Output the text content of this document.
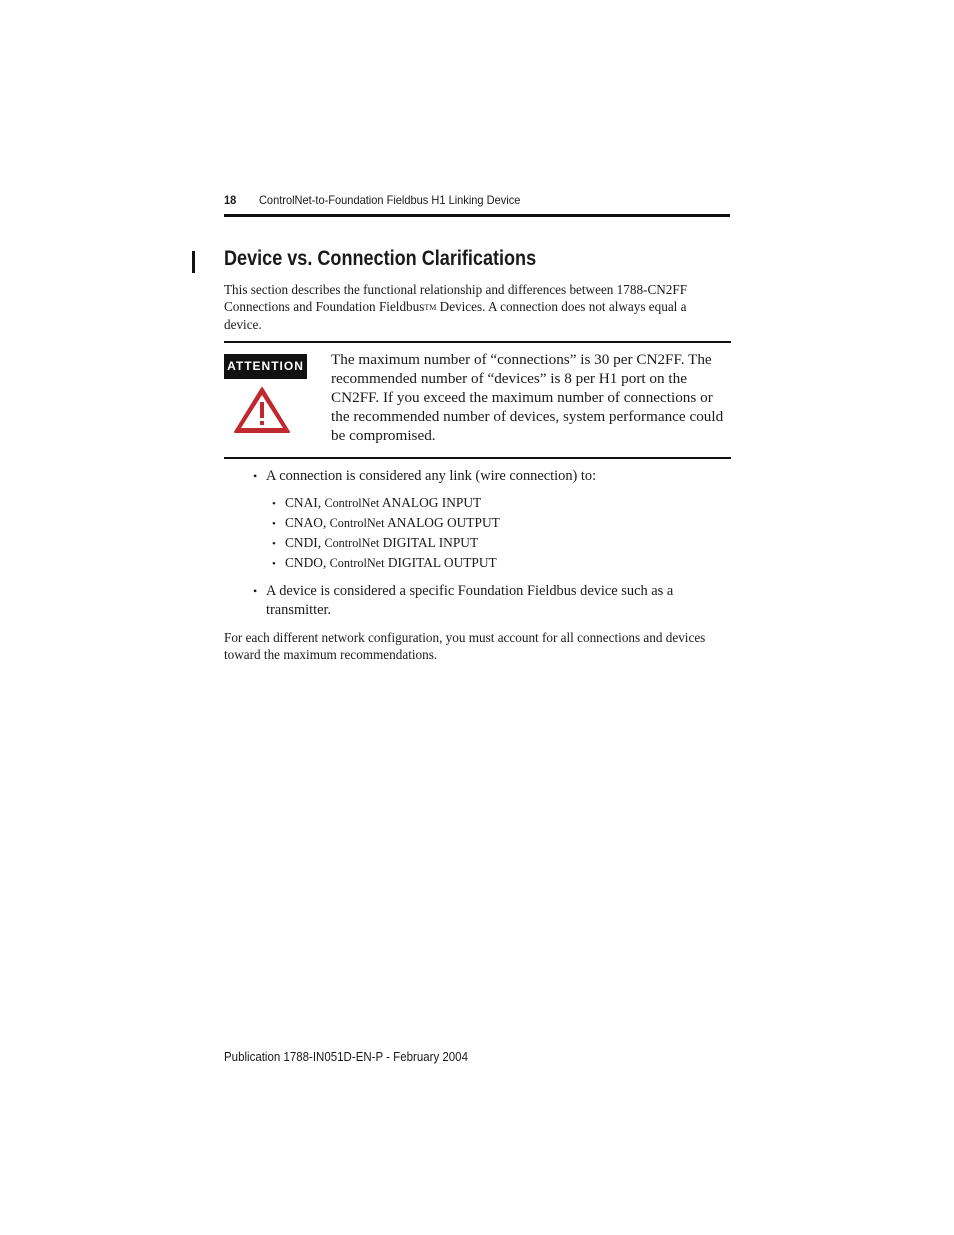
18 ControlNet-to-Foundation Fieldbus H1 Linking Device
Device vs. Connection Clarifications
This section describes the functional relationship and differences between 1788-CN2FF Connections and Foundation FieldbusTM Devices. A connection does not always equal a device.
ATTENTION The maximum number of “connections” is 30 per CN2FF. The recommended number of “devices” is 8 per H1 port on the CN2FF. If you exceed the maximum number of connections or the recommended number of devices, system performance could be compromised.
• A connection is considered any link (wire connection) to:
• CNAI, ControlNet ANALOG INPUT
• CNAO, ControlNet ANALOG OUTPUT
• CNDI, ControlNet DIGITAL INPUT
• CNDO, ControlNet DIGITAL OUTPUT
• A device is considered a specific Foundation Fieldbus device such as a transmitter.
For each different network configuration, you must account for all connections and devices toward the maximum recommendations.
Publication 1788-IN051D-EN-P - February 2004
